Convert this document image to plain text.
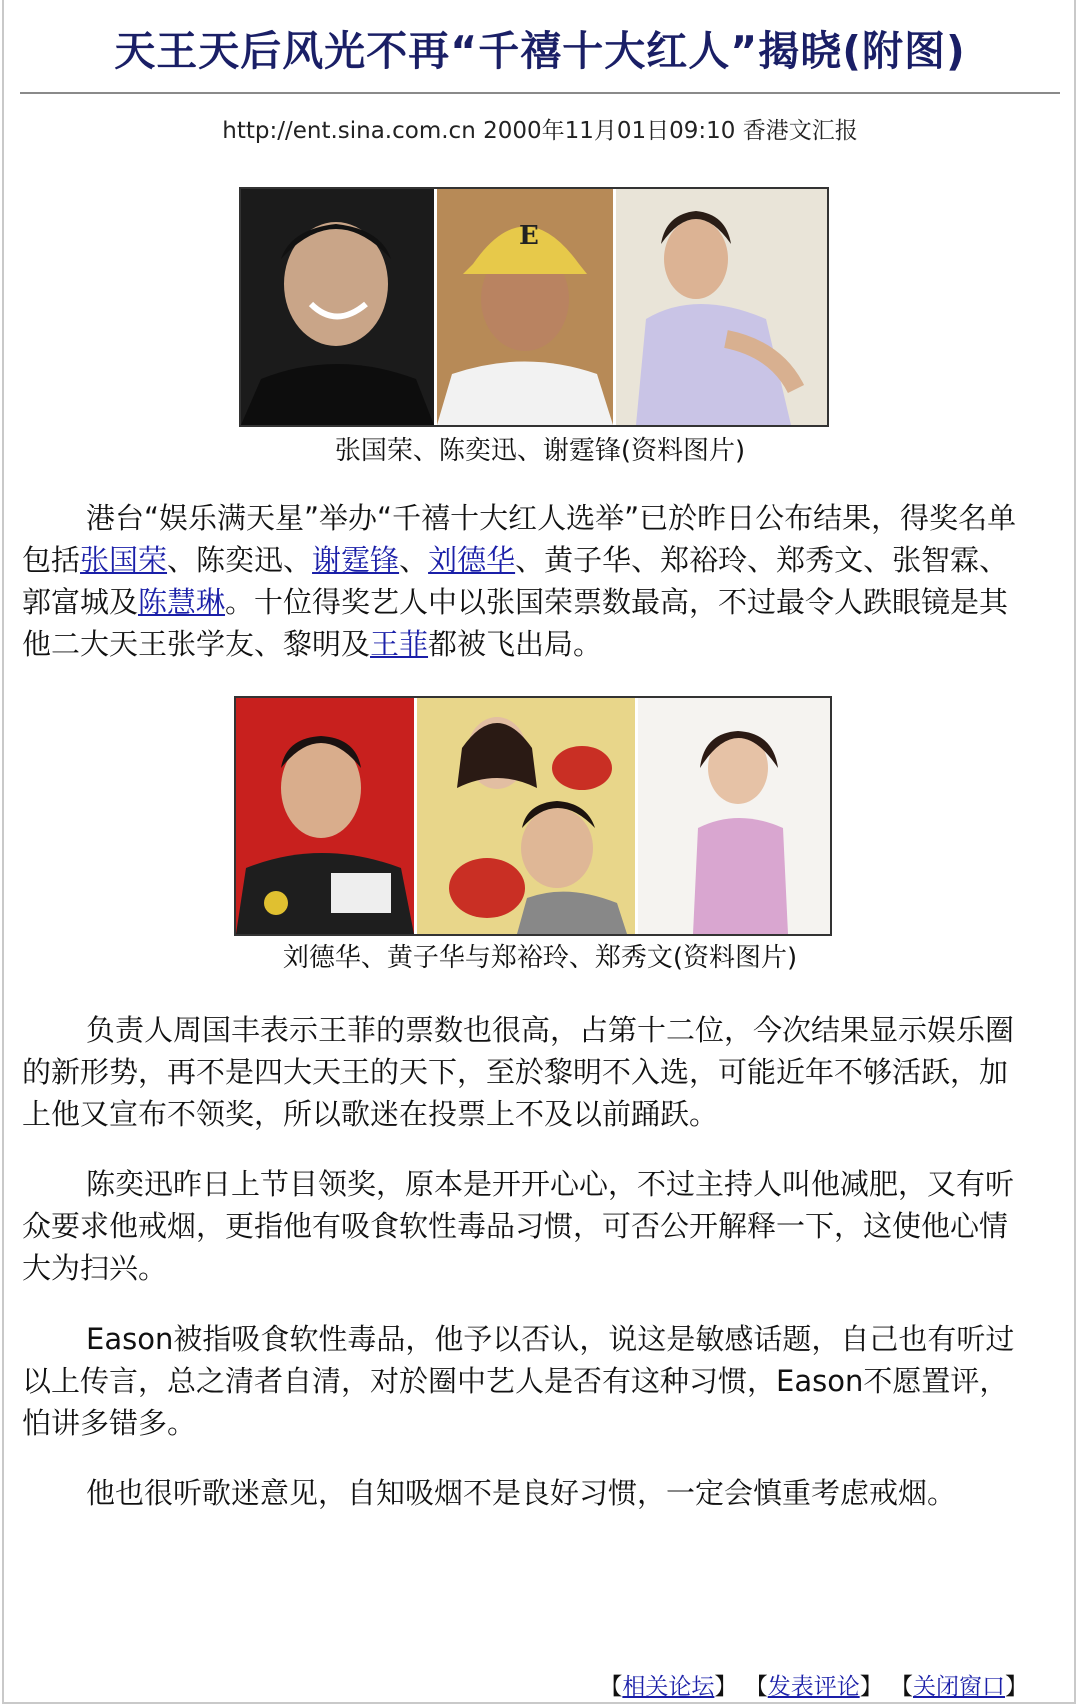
天王天后风光不再“千禧十大红人”揭晓(附图)
http://ent.sina.com.cn 2000年11月01日09:10 香港文汇报
E
张国荣、陈奕迅、谢霆锋(资料图片)

港台“娱乐满天星”举办“千禧十大红人选举”已於昨日公布结果，得奖名单包括张国荣、陈奕迅、谢霆锋、刘德华、黄子华、郑裕玲、郑秀文、张智霖、郭富城及陈慧琳。十位得奖艺人中以张国荣票数最高，不过最令人跌眼镜是其他二大天王张学友、黎明及王菲都被飞出局。

刘德华、黄子华与郑裕玲、郑秀文(资料图片)

负责人周国丰表示王菲的票数也很高，占第十二位，今次结果显示娱乐圈的新形势，再不是四大天王的天下，至於黎明不入选，可能近年不够活跃，加上他又宣布不领奖，所以歌迷在投票上不及以前踊跃。

陈奕迅昨日上节目领奖，原本是开开心心，不过主持人叫他减肥，又有听众要求他戒烟，更指他有吸食软性毒品习惯，可否公开解释一下，这使他心情大为扫兴。

Eason被指吸食软性毒品，他予以否认，说这是敏感话题，自己也有听过以上传言，总之清者自清，对於圈中艺人是否有这种习惯，Eason不愿置评，怕讲多错多。

他也很听歌迷意见，自知吸烟不是良好习惯，一定会慎重考虑戒烟。

【相关论坛】 【发表评论】 【关闭窗口】
